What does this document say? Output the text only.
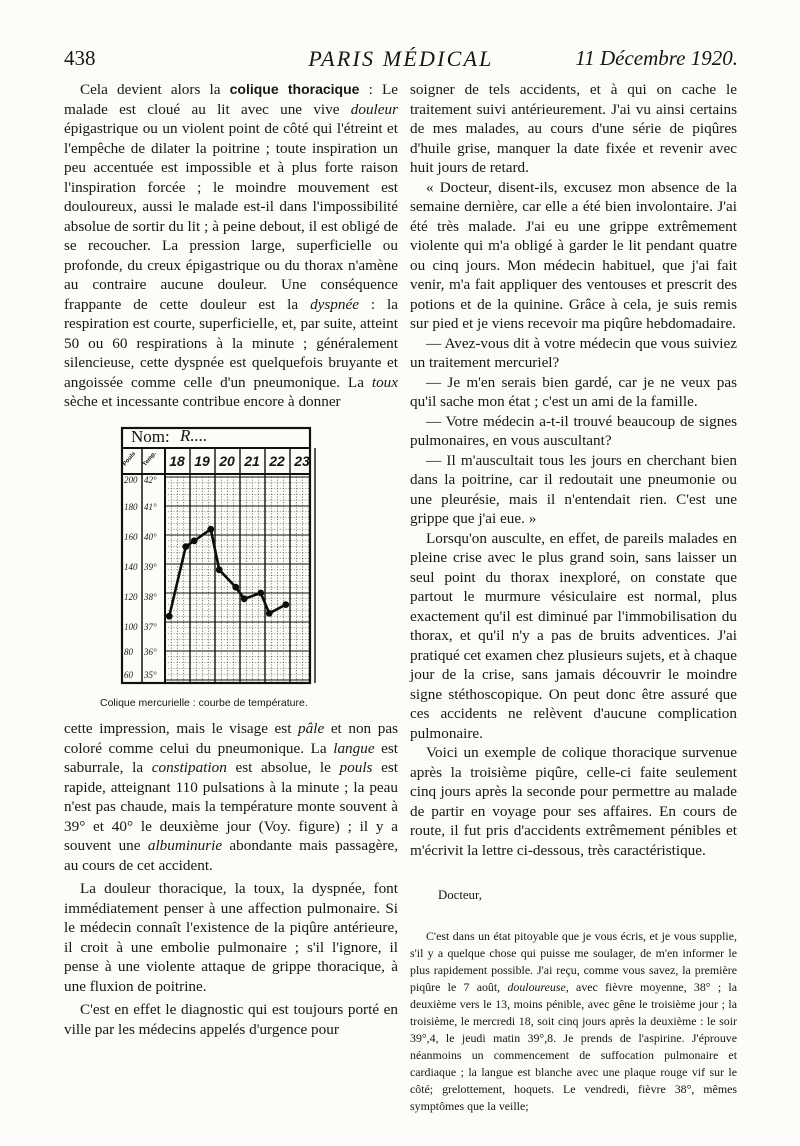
438	PARIS MÉDICAL	11 Décembre 1920.

Cela devient alors la colique thoracique : Le malade est cloué au lit avec une vive douleur épigastrique ou un violent point de côté qui l'étreint et l'empêche de dilater la poitrine ; toute inspiration un peu accentuée est impossible et à plus forte raison l'inspiration forcée ; le moindre mouvement est douloureux, aussi le malade est-il dans l'impossibilité absolue de sortir du lit ; à peine debout, il est obligé de se recoucher. La pression large, superficielle ou profonde, du creux épigastrique ou du thorax n'amène au contraire aucune douleur. Une conséquence frappante de cette douleur est la dyspnée : la respiration est courte, superficielle, et, par suite, atteint 50 ou 60 respirations à la minute ; généralement silencieuse, cette dyspnée est quelquefois bruyante et angoissée comme celle d'un pneumonique. La toux sèche et incessante contribue encore à donner

Nom: R....
Pouls Temp. 18 19 20 21 22 23
200
180
160
140
120
100
80
60
42°
41°
40°
39°
38°
37°
36°
35°
Colique mercurielle : courbe de température.

cette impression, mais le visage est pâle et non pas coloré comme celui du pneumonique. La langue est saburrale, la constipation est absolue, le pouls est rapide, atteignant 110 pulsations à la minute ; la peau n'est pas chaude, mais la température monte souvent à 39° et 40° le deuxième jour (Voy. figure) ; il y a souvent une albuminurie abondante mais passagère, au cours de cet accident.

La douleur thoracique, la toux, la dyspnée, font immédiatement penser à une affection pulmonaire. Si le médecin connaît l'existence de la piqûre antérieure, il croit à une embolie pulmonaire ; s'il l'ignore, il pense à une violente attaque de grippe thoracique, à une fluxion de poitrine.

C'est en effet le diagnostic qui est toujours porté en ville par les médecins appelés d'urgence pour

soigner de tels accidents, et à qui on cache le traitement suivi antérieurement. J'ai vu ainsi certains de mes malades, au cours d'une série de piqûres d'huile grise, manquer la date fixée et revenir avec huit jours de retard.

« Docteur, disent-ils, excusez mon absence de la semaine dernière, car elle a été bien involontaire. J'ai été très malade. J'ai eu une grippe extrêmement violente qui m'a obligé à garder le lit pendant quatre ou cinq jours. Mon médecin habituel, que j'ai fait venir, m'a fait appliquer des ventouses et prescrit des potions et de la quinine. Grâce à cela, je suis remis sur pied et je viens recevoir ma piqûre hebdomadaire.

— Avez-vous dit à votre médecin que vous suiviez un traitement mercuriel?

— Je m'en serais bien gardé, car je ne veux pas qu'il sache mon état ; c'est un ami de la famille.

— Votre médecin a-t-il trouvé beaucoup de signes pulmonaires, en vous auscultant?

— Il m'auscultait tous les jours en cherchant bien dans la poitrine, car il redoutait une pneumonie ou une pleurésie, mais il n'entendait rien. C'est une grippe que j'ai eue. »

Lorsqu'on ausculte, en effet, de pareils malades en pleine crise avec le plus grand soin, sans laisser un seul point du thorax inexploré, on constate que partout le murmure vésiculaire est normal, plus exactement qu'il est diminué par l'immobilisation du thorax, et qu'il n'y a pas de bruits adventices. J'ai pratiqué cet examen chez plusieurs sujets, et à chaque jour de la crise, sans jamais découvrir le moindre signe stéthoscopique. On peut donc être assuré que ces accidents ne relèvent d'aucune complication pulmonaire.

Voici un exemple de colique thoracique survenue après la troisième piqûre, celle-ci faite seulement cinq jours après la seconde pour permettre au malade de partir en voyage pour ses affaires. En cours de route, il fut pris d'accidents extrêmement pénibles et m'écrivit la lettre ci-dessous, très caractéristique.

Docteur,

C'est dans un état pitoyable que je vous écris, et je vous supplie, s'il y a quelque chose qui puisse me soulager, de m'en informer le plus rapidement possible. J'ai reçu, comme vous savez, la première piqûre le 7 août, douloureuse, avec fièvre moyenne, 38° ; la deuxième vers le 13, moins pénible, avec gêne le troisième jour ; la troisième, le mercredi 18, soit cinq jours après la deuxième : le soir 39°,4, le jeudi matin 39°,8. Je prends de l'aspirine. J'éprouve néanmoins un commencement de suffocation pulmonaire et cardiaque ; la langue est blanche avec une plaque rouge vif sur le côté; grelottement, hoquets. Le vendredi, fièvre 38°, mêmes symptômes que la veille;
